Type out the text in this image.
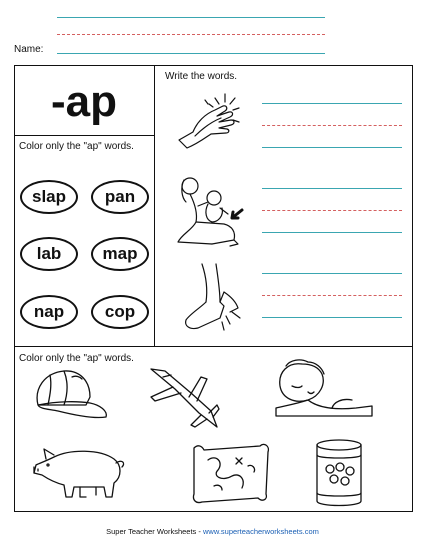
Name:
-ap
Color only the "ap" words.
slap	pan
lab	map
nap	cop
Write the words.
Color only the "ap" words.
Super Teacher Worksheets - www.superteacherworksheets.com
